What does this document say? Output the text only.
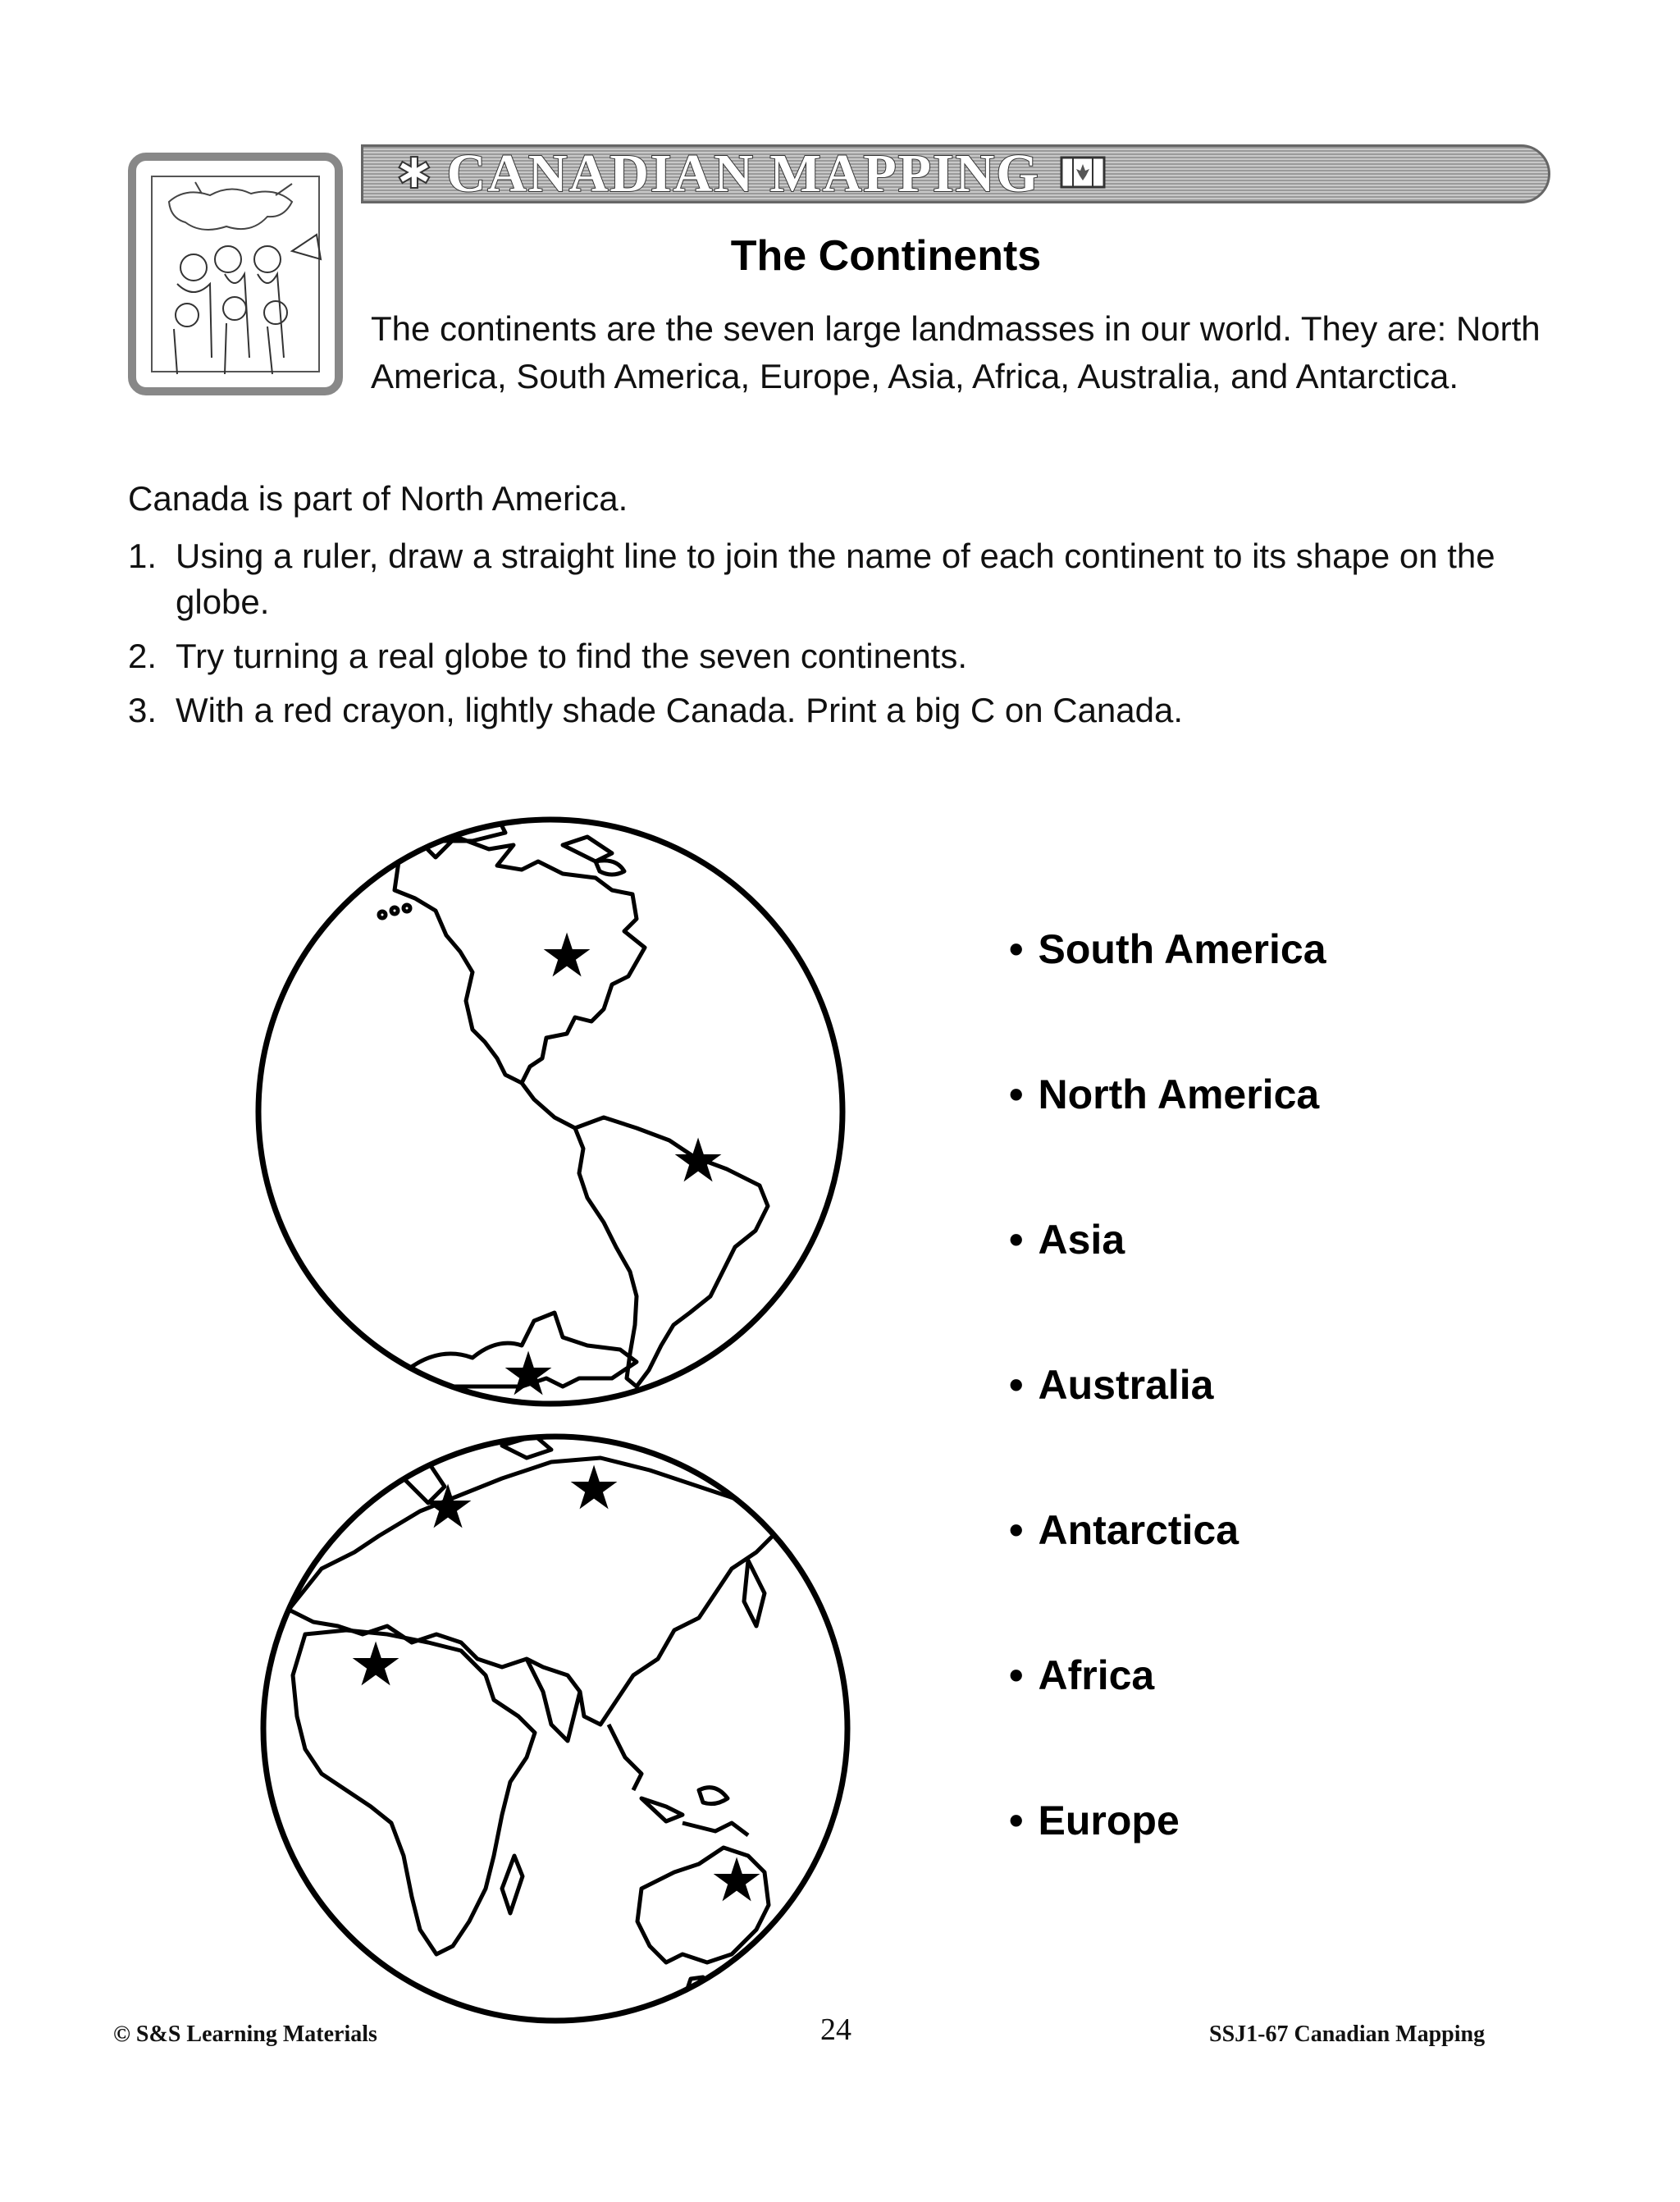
✱ CANADIAN MAPPING
The Continents
The continents are the seven large landmasses in our world. They are: North America, South America, Europe, Asia, Africa, Australia, and Antarctica.
Canada is part of North America.
1. Using a ruler, draw a straight line to join the name of each continent to its shape on the globe.
2. Try turning a real globe to find the seven continents.
3. With a red crayon, lightly shade Canada. Print a big C on Canada.
★
★
★
★ ★
★
★
• South America
• North America
• Asia
• Australia
• Antarctica
• Africa
• Europe
© S&S Learning Materials	24	SSJ1-67 Canadian Mapping
